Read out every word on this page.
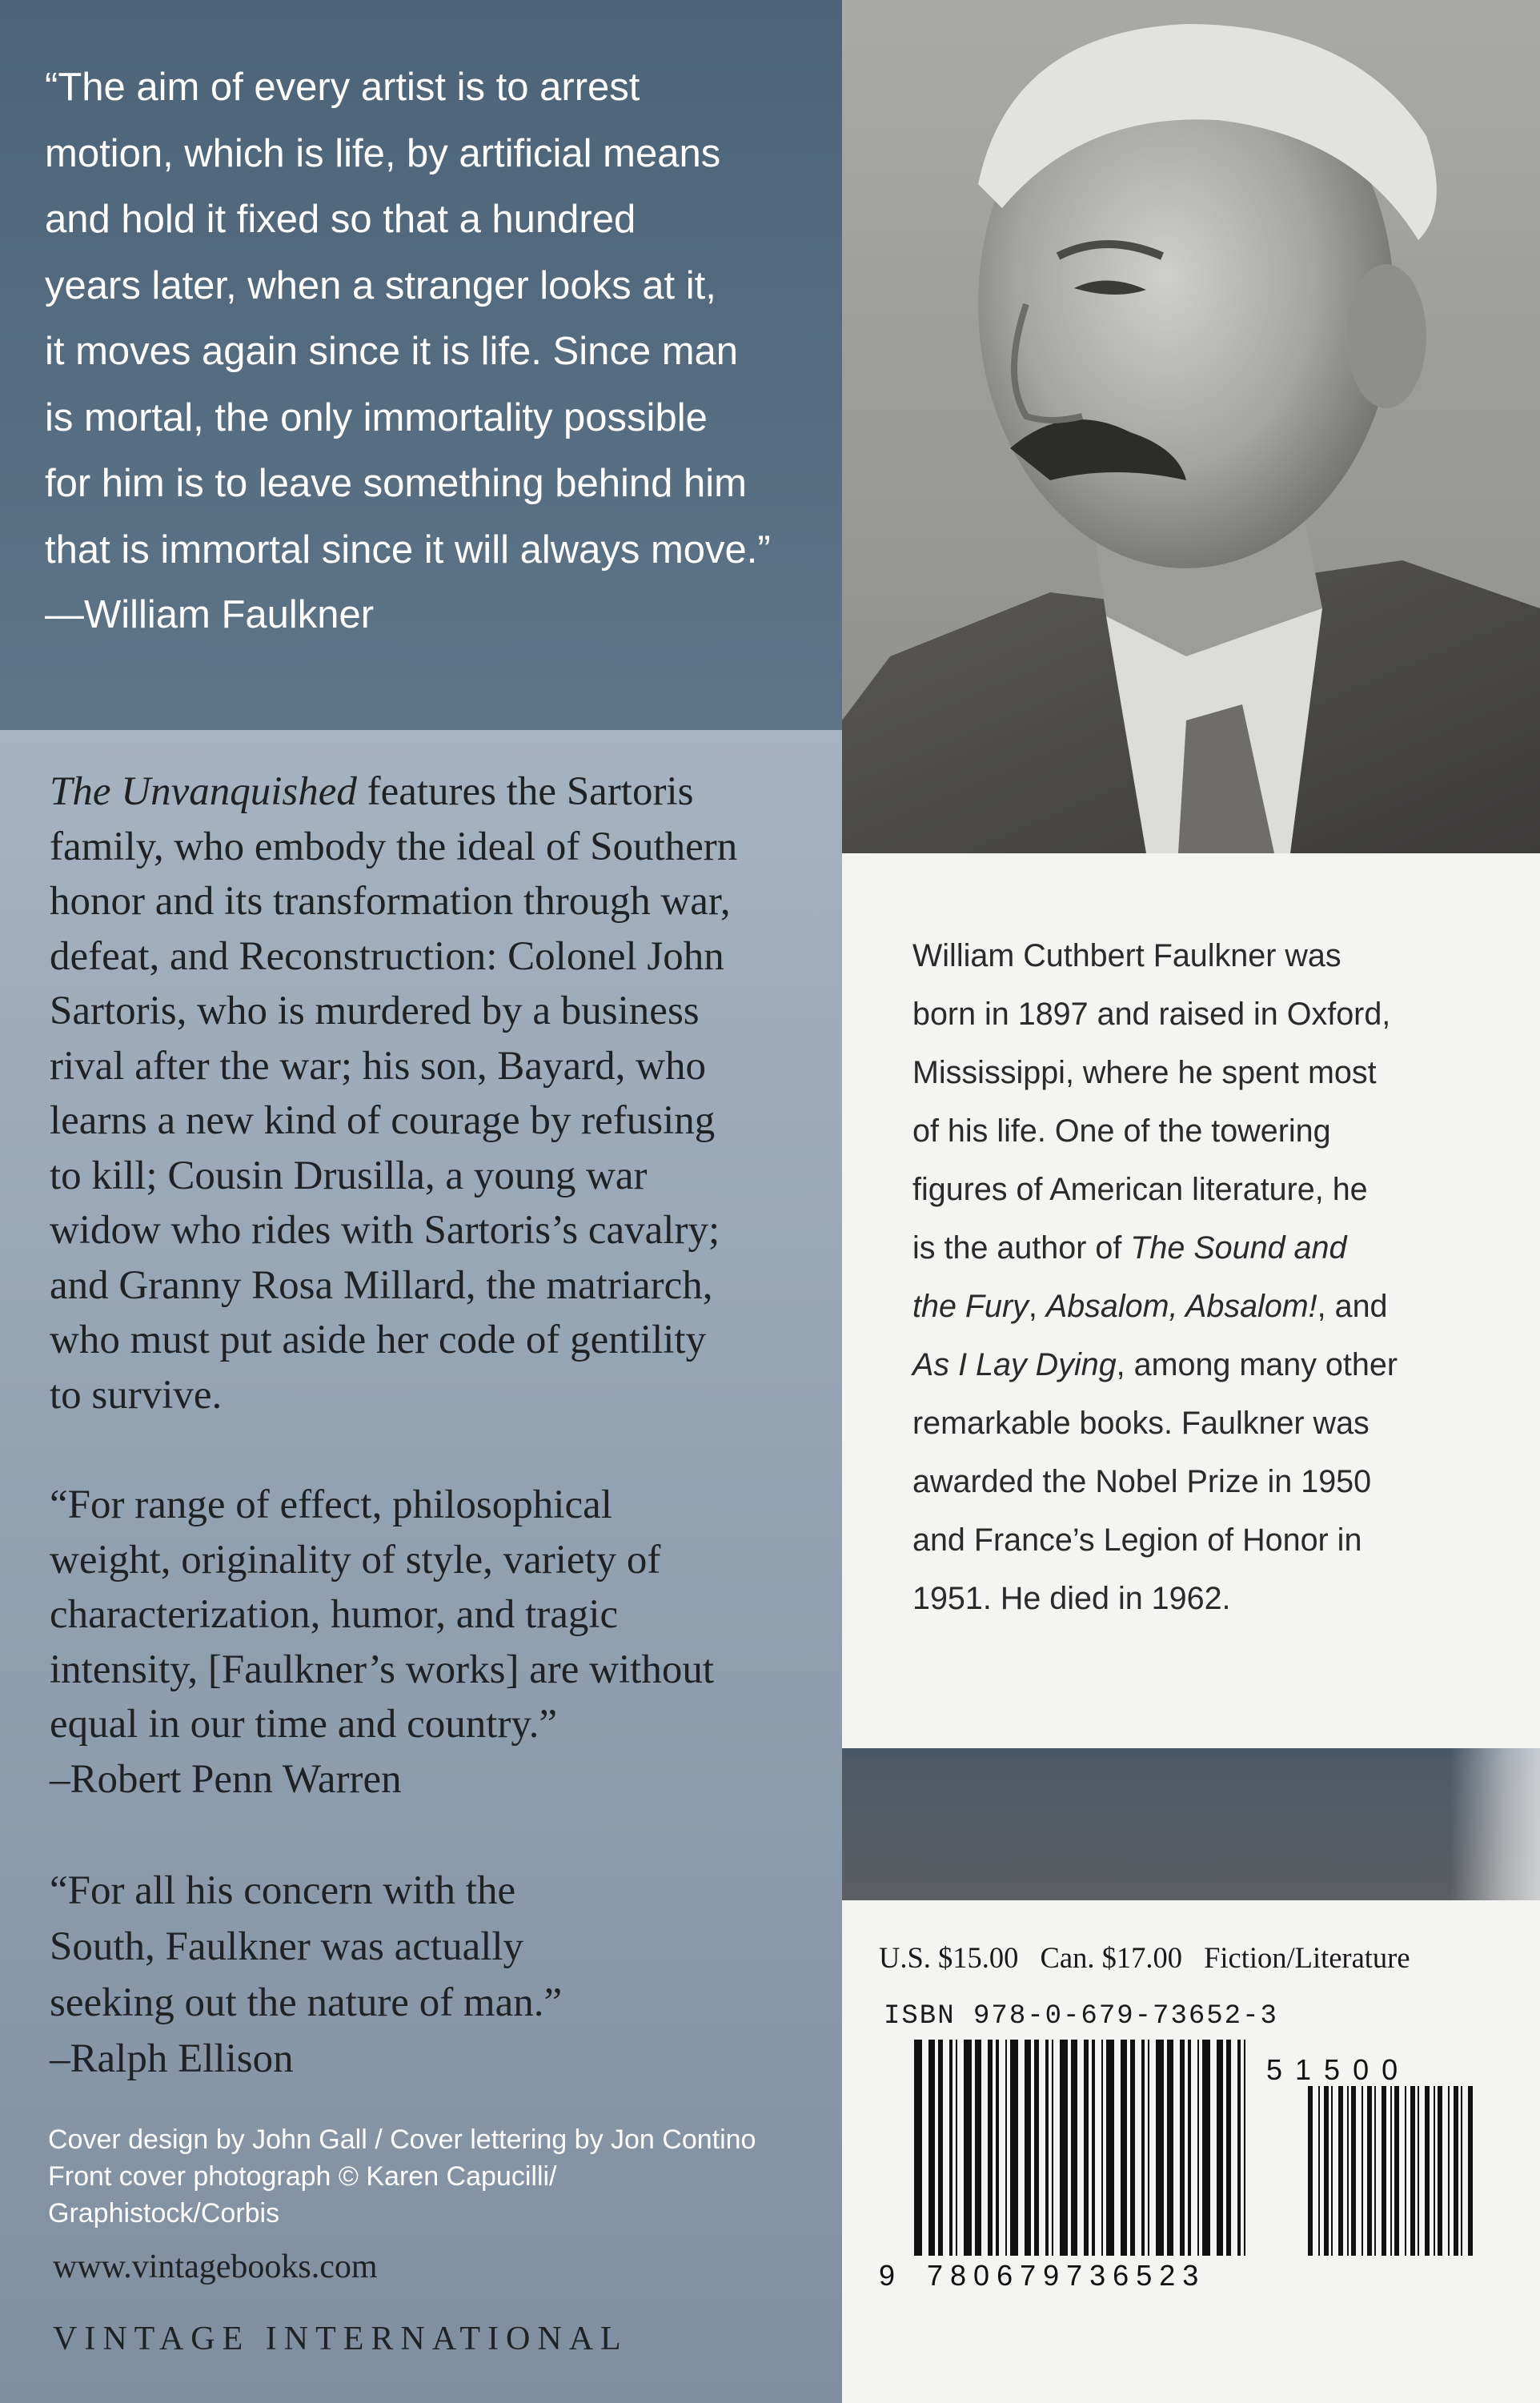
“The aim of every artist is to arrest
motion, which is life, by artificial means
and hold it fixed so that a hundred
years later, when a stranger looks at it,
it moves again since it is life. Since man
is mortal, the only immortality possible
for him is to leave something behind him
that is immortal since it will always move.”
—William Faulkner
The Unvanquished features the Sartoris
family, who embody the ideal of Southern
honor and its transformation through war,
defeat, and Reconstruction: Colonel John
Sartoris, who is murdered by a business
rival after the war; his son, Bayard, who
learns a new kind of courage by refusing
to kill; Cousin Drusilla, a young war
widow who rides with Sartoris’s cavalry;
and Granny Rosa Millard, the matriarch,
who must put aside her code of gentility
to survive.
“For range of effect, philosophical
weight, originality of style, variety of
characterization, humor, and tragic
intensity, [Faulkner’s works] are without
equal in our time and country.”
–Robert Penn Warren
“For all his concern with the
South, Faulkner was actually
seeking out the nature of man.”
–Ralph Ellison
Cover design by John Gall / Cover lettering by Jon Contino
Front cover photograph © Karen Capucilli/
Graphistock/Corbis
www.vintagebooks.com
VINTAGE INTERNATIONAL
William Cuthbert Faulkner was
born in 1897 and raised in Oxford,
Mississippi, where he spent most
of his life. One of the towering
figures of American literature, he
is the author of The Sound and
the Fury, Absalom, Absalom!, and
As I Lay Dying, among many other
remarkable books. Faulkner was
awarded the Nobel Prize in 1950
and France’s Legion of Honor in
1951. He died in 1962.
U.S. $15.00 Can. $17.00 Fiction/Literature
ISBN 978-0-679-73652-3
9 780679736523
51500
